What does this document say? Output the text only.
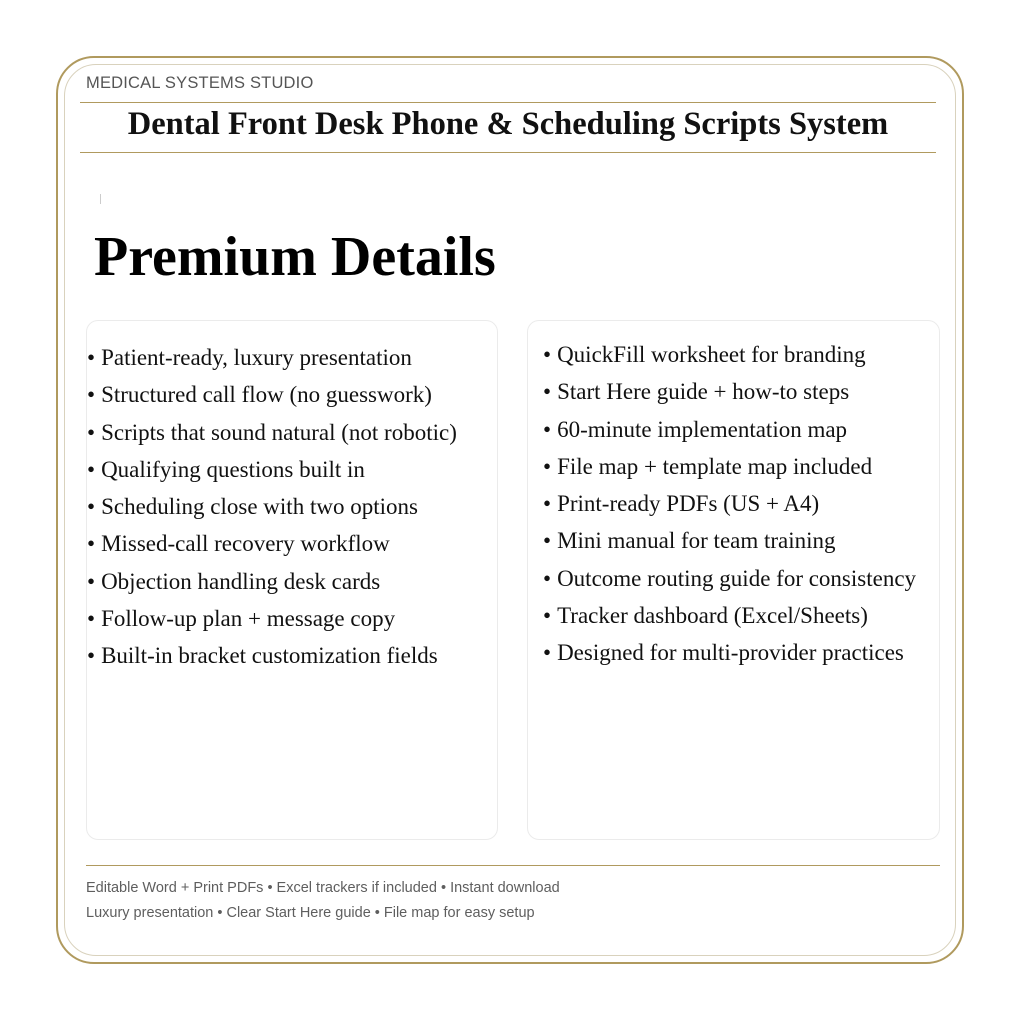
MEDICAL SYSTEMS STUDIO
Dental Front Desk Phone & Scheduling Scripts System
Premium Details
• Patient-ready, luxury presentation
• Structured call flow (no guesswork)
• Scripts that sound natural (not robotic)
• Qualifying questions built in
• Scheduling close with two options
• Missed-call recovery workflow
• Objection handling desk cards
• Follow-up plan + message copy
• Built-in bracket customization fields
• QuickFill worksheet for branding
• Start Here guide + how-to steps
• 60-minute implementation map
• File map + template map included
• Print-ready PDFs (US + A4)
• Mini manual for team training
• Outcome routing guide for consistency
• Tracker dashboard (Excel/Sheets)
• Designed for multi-provider practices
Editable Word + Print PDFs • Excel trackers if included • Instant download
Luxury presentation • Clear Start Here guide • File map for easy setup
